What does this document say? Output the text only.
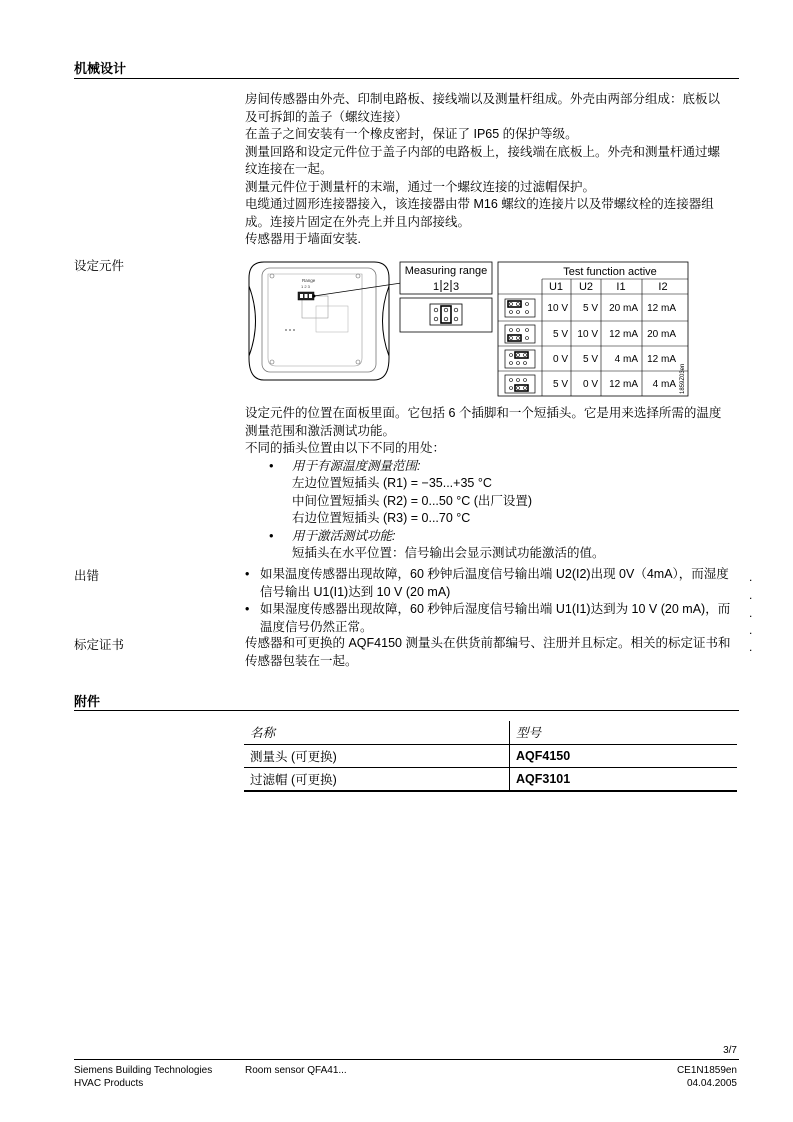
机械设计

房间传感器由外壳、印制电路板、接线端以及测量杆组成。外壳由两部分组成：底板以及可拆卸的盖子（螺纹连接）

在盖子之间安装有一个橡皮密封，保证了 IP65 的保护等级。

测量回路和设定元件位于盖子内部的电路板上，接线端在底板上。外壳和测量杆通过螺纹连接在一起。

测量元件位于测量杆的末端，通过一个螺纹连接的过滤帽保护。

电缆通过圆形连接器接入，该连接器由带 M16 螺纹的连接片以及带螺纹栓的连接器组成。连接片固定在外壳上并且内部接线。

传感器用于墙面安装.

设定元件
Range
1 2 3
Measuring range
1 2 3
Test function active
U1 U2 I1	I2
10 V 5 V 20 mA 12 mA
5 V 10 V 12 mA 20 mA
0 V 5 V 4 mA 12 mA
5 V 0 V 12 mA 4 mA 1859Z03en

设定元件的位置在面板里面。它包括 6 个插脚和一个短插头。它是用来选择所需的温度测量范围和激活测试功能。

不同的插头位置由以下不同的用处：

• 用于有源温度测量范围:
左边位置短插头 (R1) = −35...+35 °C
中间位置短插头 (R2) = 0...50 °C (出厂设置)
右边位置短插头 (R3) = 0...70 °C
• 用于激活测试功能:
短插头在水平位置：信号输出会显示测试功能激活的值。
出错	• 如果温度传感器出现故障，60 秒钟后温度信号输出端 U2(I2)出现 0V（4mA），而湿度信号输出 U1(I1)达到 10 V (20 mA)
• 如果湿度传感器出现故障，60 秒钟后湿度信号输出端 U1(I1)达到为 10 V (20 mA)，而温度信号仍然正常。
.
.
.
.
.
标定证书	传感器和可更换的 AQF4150 测量头在供货前都编号、注册并且标定。相关的标定证书和传感器包装在一起。
附件
名称	型号
测量头 (可更换)	AQF4150
过滤帽 (可更换)	AQF3101
3/7
Siemens Building Technologies
HVAC Products
Room sensor QFA41...	CE1N1859en
04.04.2005
